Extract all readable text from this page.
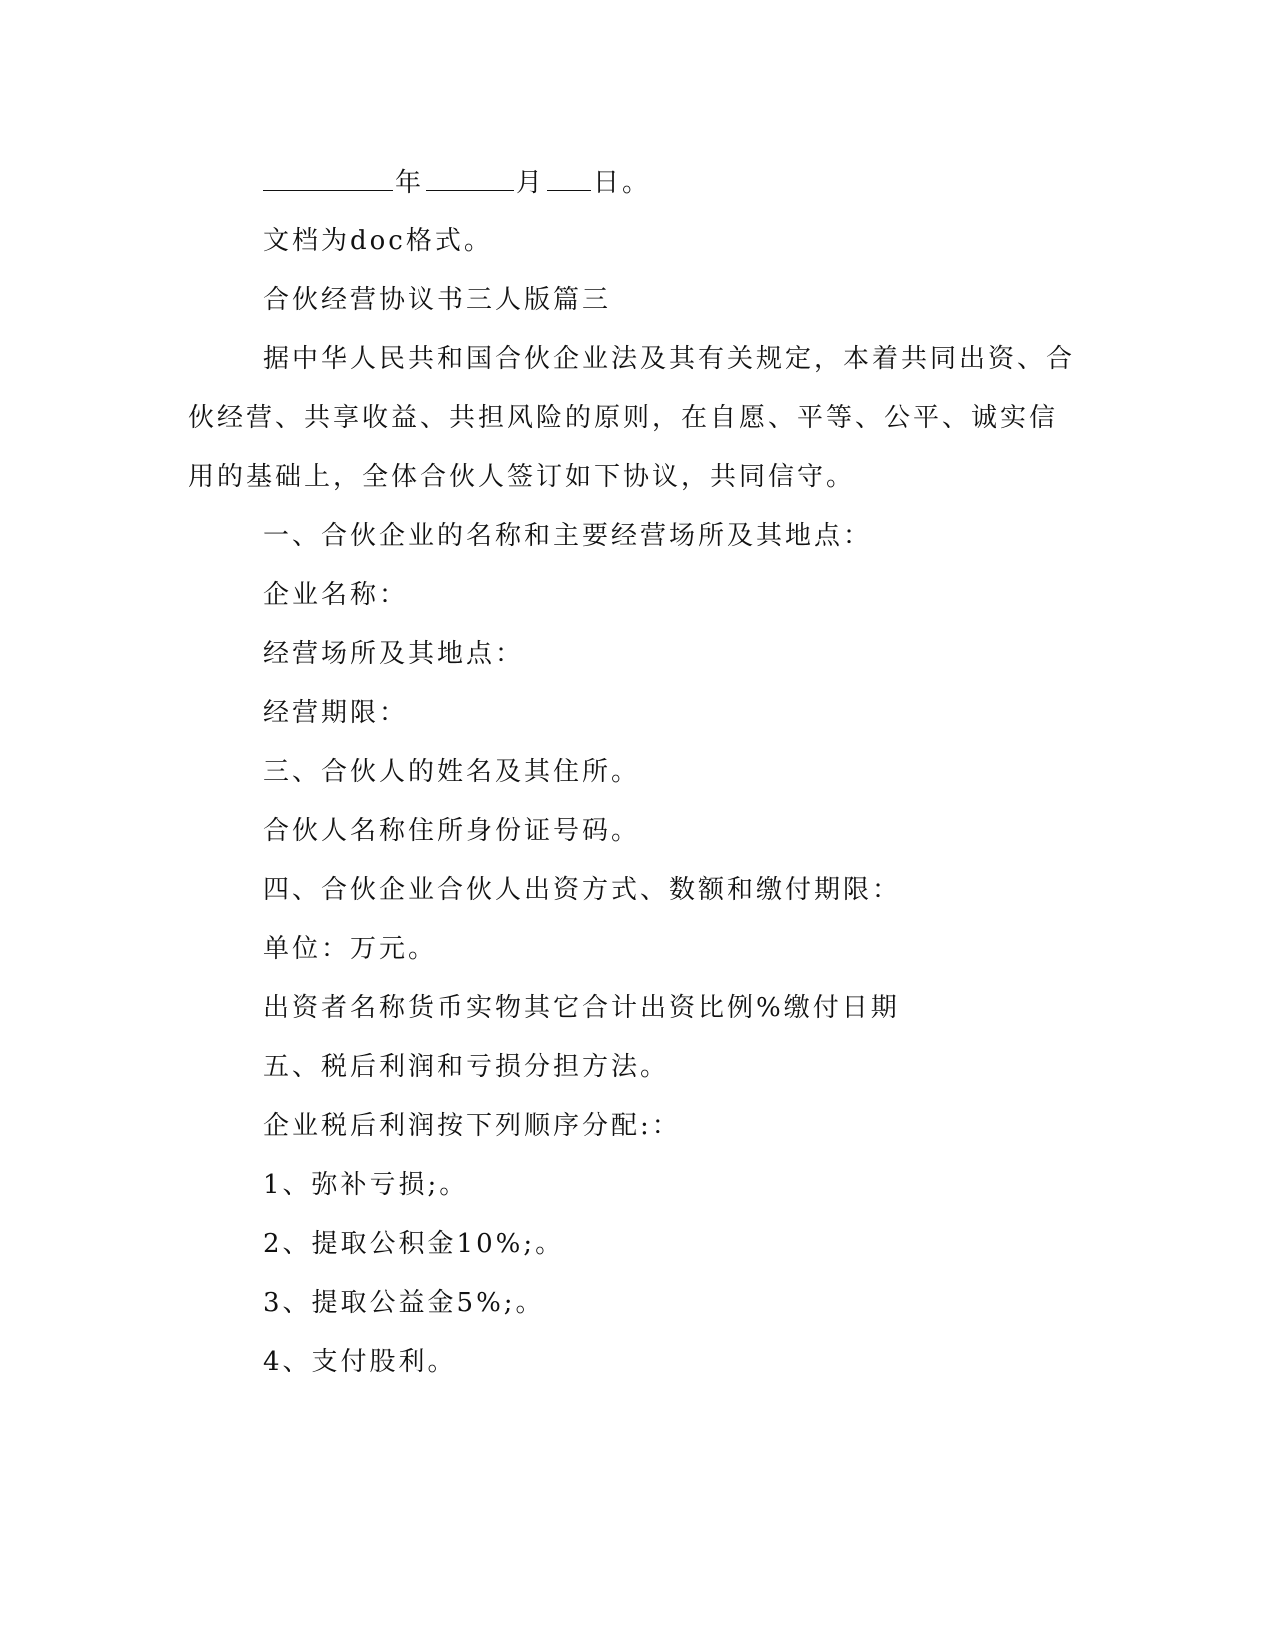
年	月 日。
文档为doc格式。
合伙经营协议书三人版篇三
据中华人民共和国合伙企业法及其有关规定，本着共同出资、合
伙经营、共享收益、共担风险的原则，在自愿、平等、公平、诚实信
用的基础上，全体合伙人签订如下协议，共同信守。
一、合伙企业的名称和主要经营场所及其地点：
企业名称：
经营场所及其地点：
经营期限：
三、合伙人的姓名及其住所。
合伙人名称住所身份证号码。
四、合伙企业合伙人出资方式、数额和缴付期限：
单位：万元。
出资者名称货币实物其它合计出资比例%缴付日期
五、税后利润和亏损分担方法。
企业税后利润按下列顺序分配:：
1、弥补亏损;。
2、提取公积金10%;。
3、提取公益金5%;。
4、支付股利。
